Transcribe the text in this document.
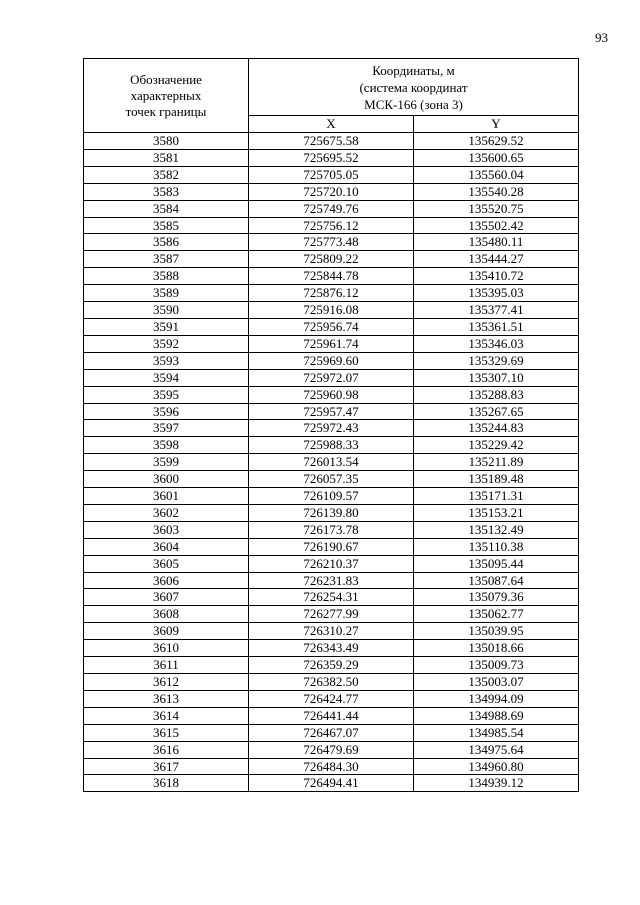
93
Обозначение
характерных
точек границы	Координаты, м
(система координат
МСК-166 (зона 3)	

	X	Y
3580	725675.58	135629.52
3581	725695.52	135600.65
3582	725705.05	135560.04
3583	725720.10	135540.28
3584	725749.76	135520.75
3585	725756.12	135502.42
3586	725773.48	135480.11
3587	725809.22	135444.27
3588	725844.78	135410.72
3589	725876.12	135395.03
3590	725916.08	135377.41
3591	725956.74	135361.51
3592	725961.74	135346.03
3593	725969.60	135329.69
3594	725972.07	135307.10
3595	725960.98	135288.83
3596	725957.47	135267.65
3597	725972.43	135244.83
3598	725988.33	135229.42
3599	726013.54	135211.89
3600	726057.35	135189.48
3601	726109.57	135171.31
3602	726139.80	135153.21
3603	726173.78	135132.49
3604	726190.67	135110.38
3605	726210.37	135095.44
3606	726231.83	135087.64
3607	726254.31	135079.36
3608	726277.99	135062.77
3609	726310.27	135039.95
3610	726343.49	135018.66
3611	726359.29	135009.73
3612	726382.50	135003.07
3613	726424.77	134994.09
3614	726441.44	134988.69
3615	726467.07	134985.54
3616	726479.69	134975.64
3617	726484.30	134960.80
3618	726494.41	134939.12
